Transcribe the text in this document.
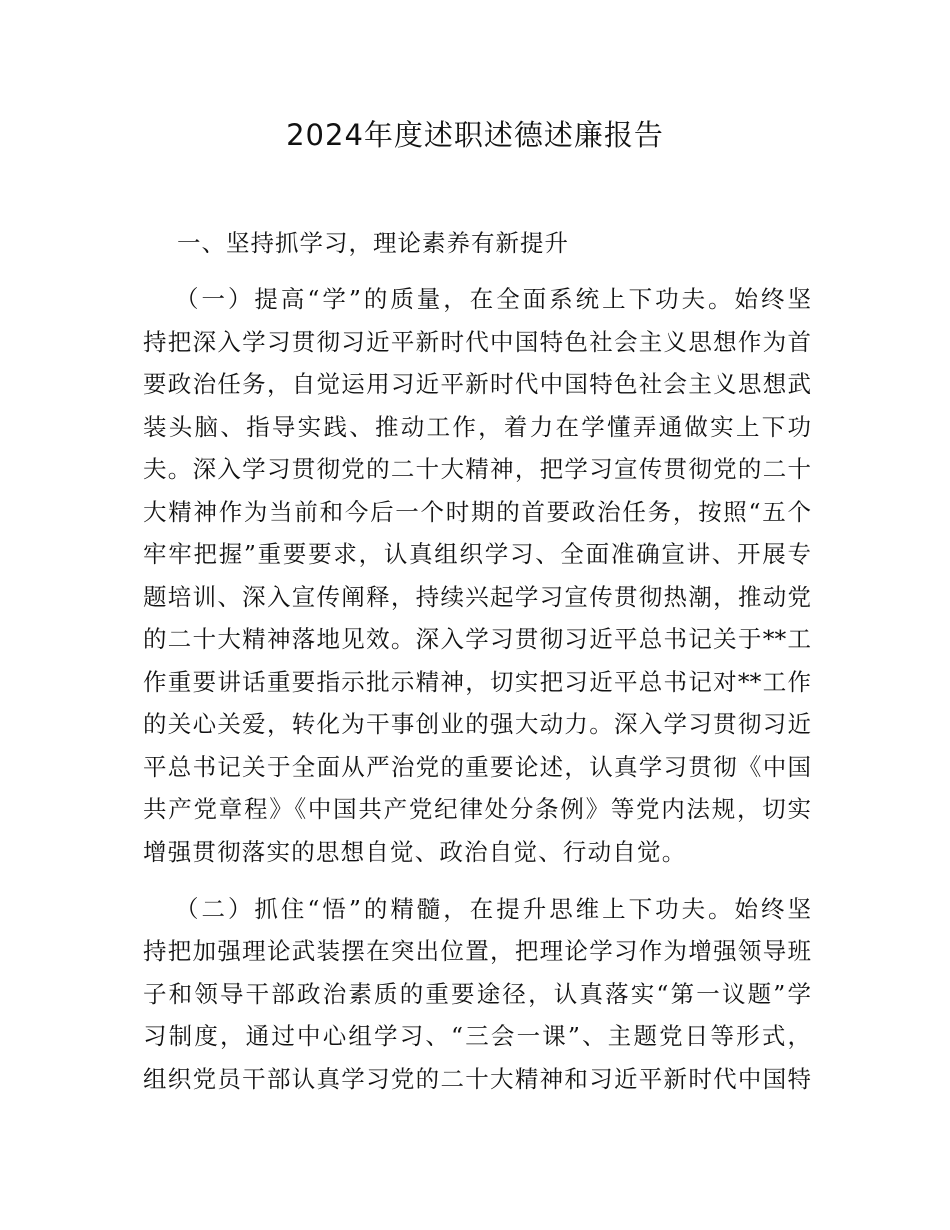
2024年度述职述德述廉报告
一、坚持抓学习，理论素养有新提升
（一）提高“学”的质量，在全面系统上下功夫。始终坚
持把深入学习贯彻习近平新时代中国特色社会主义思想作为首
要政治任务，自觉运用习近平新时代中国特色社会主义思想武
装头脑、指导实践、推动工作，着力在学懂弄通做实上下功
夫。深入学习贯彻党的二十大精神，把学习宣传贯彻党的二十
大精神作为当前和今后一个时期的首要政治任务，按照“五个
牢牢把握”重要要求，认真组织学习、全面准确宣讲、开展专
题培训、深入宣传阐释，持续兴起学习宣传贯彻热潮，推动党
的二十大精神落地见效。深入学习贯彻习近平总书记关于**工
作重要讲话重要指示批示精神，切实把习近平总书记对**工作
的关心关爱，转化为干事创业的强大动力。深入学习贯彻习近
平总书记关于全面从严治党的重要论述，认真学习贯彻《中国
共产党章程》《中国共产党纪律处分条例》等党内法规，切实
增强贯彻落实的思想自觉、政治自觉、行动自觉。
（二）抓住“悟”的精髓，在提升思维上下功夫。始终坚
持把加强理论武装摆在突出位置，把理论学习作为增强领导班
子和领导干部政治素质的重要途径，认真落实“第一议题”学
习制度，通过中心组学习、“三会一课”、主题党日等形式，
组织党员干部认真学习党的二十大精神和习近平新时代中国特
